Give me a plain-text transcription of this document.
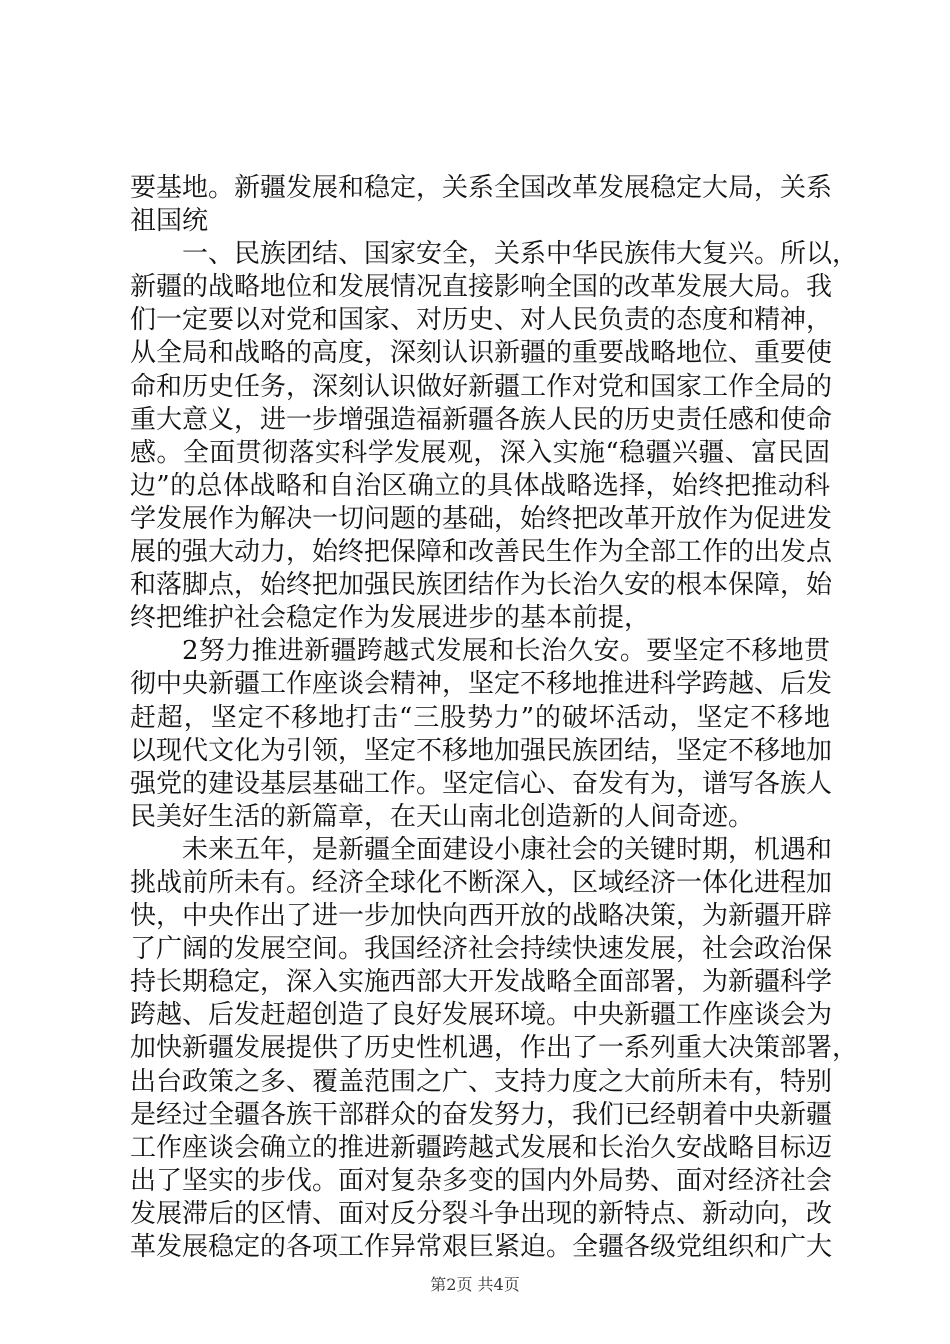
要基地。新疆发展和稳定，关系全国改革发展稳定大局，关系
祖国统
一、民族团结、国家安全，关系中华民族伟大复兴。所以，
新疆的战略地位和发展情况直接影响全国的改革发展大局。我
们一定要以对党和国家、对历史、对人民负责的态度和精神，
从全局和战略的高度，深刻认识新疆的重要战略地位、重要使
命和历史任务，深刻认识做好新疆工作对党和国家工作全局的
重大意义，进一步增强造福新疆各族人民的历史责任感和使命
感。全面贯彻落实科学发展观，深入实施“稳疆兴疆、富民固
边”的总体战略和自治区确立的具体战略选择，始终把推动科
学发展作为解决一切问题的基础，始终把改革开放作为促进发
展的强大动力，始终把保障和改善民生作为全部工作的出发点
和落脚点，始终把加强民族团结作为长治久安的根本保障，始
终把维护社会稳定作为发展进步的基本前提，
2努力推进新疆跨越式发展和长治久安。要坚定不移地贯
彻中央新疆工作座谈会精神，坚定不移地推进科学跨越、后发
赶超，坚定不移地打击“三股势力”的破坏活动，坚定不移地
以现代文化为引领，坚定不移地加强民族团结，坚定不移地加
强党的建设基层基础工作。坚定信心、奋发有为，谱写各族人
民美好生活的新篇章，在天山南北创造新的人间奇迹。
未来五年，是新疆全面建设小康社会的关键时期，机遇和
挑战前所未有。经济全球化不断深入，区域经济一体化进程加
快，中央作出了进一步加快向西开放的战略决策，为新疆开辟
了广阔的发展空间。我国经济社会持续快速发展，社会政治保
持长期稳定，深入实施西部大开发战略全面部署，为新疆科学
跨越、后发赶超创造了良好发展环境。中央新疆工作座谈会为
加快新疆发展提供了历史性机遇，作出了一系列重大决策部署，
出台政策之多、覆盖范围之广、支持力度之大前所未有，特别
是经过全疆各族干部群众的奋发努力，我们已经朝着中央新疆
工作座谈会确立的推进新疆跨越式发展和长治久安战略目标迈
出了坚实的步伐。面对复杂多变的国内外局势、面对经济社会
发展滞后的区情、面对反分裂斗争出现的新特点、新动向，改
革发展稳定的各项工作异常艰巨紧迫。全疆各级党组织和广大
第2页 共4页
